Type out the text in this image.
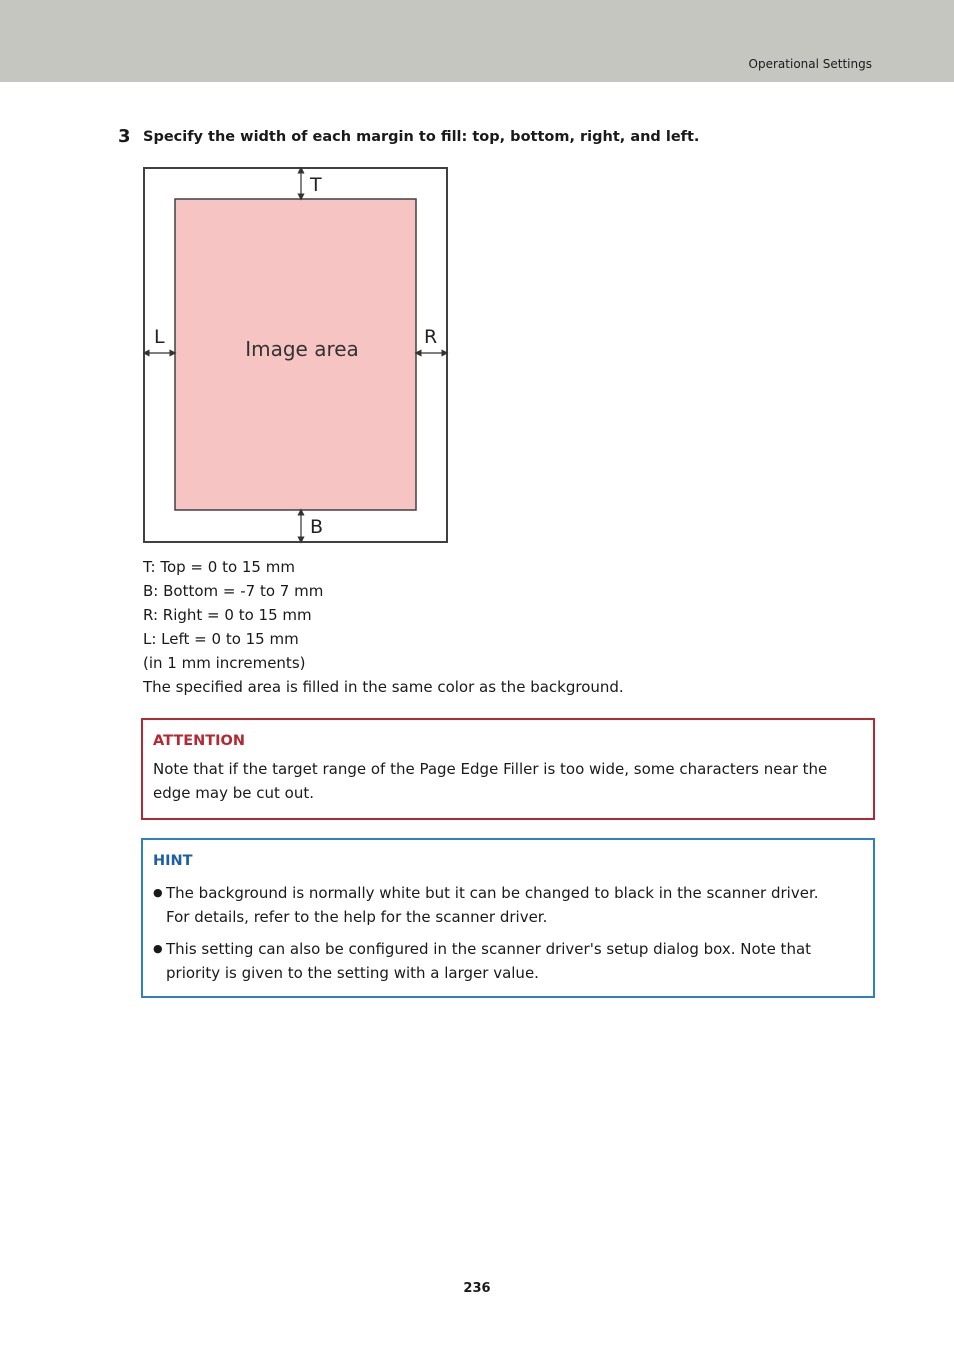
Operational Settings
3 Specify the width of each margin to fill: top, bottom, right, and left.
Image area
T
B
L	R
T: Top = 0 to 15 mm
B: Bottom = -7 to 7 mm
R: Right = 0 to 15 mm
L: Left = 0 to 15 mm
(in 1 mm increments)
The specified area is filled in the same color as the background.
ATTENTION
Note that if the target range of the Page Edge Filler is too wide, some characters near the
edge may be cut out.
HINT
● The background is normally white but it can be changed to black in the scanner driver.
For details, refer to the help for the scanner driver.
● This setting can also be configured in the scanner driver's setup dialog box. Note that
priority is given to the setting with a larger value.
236
